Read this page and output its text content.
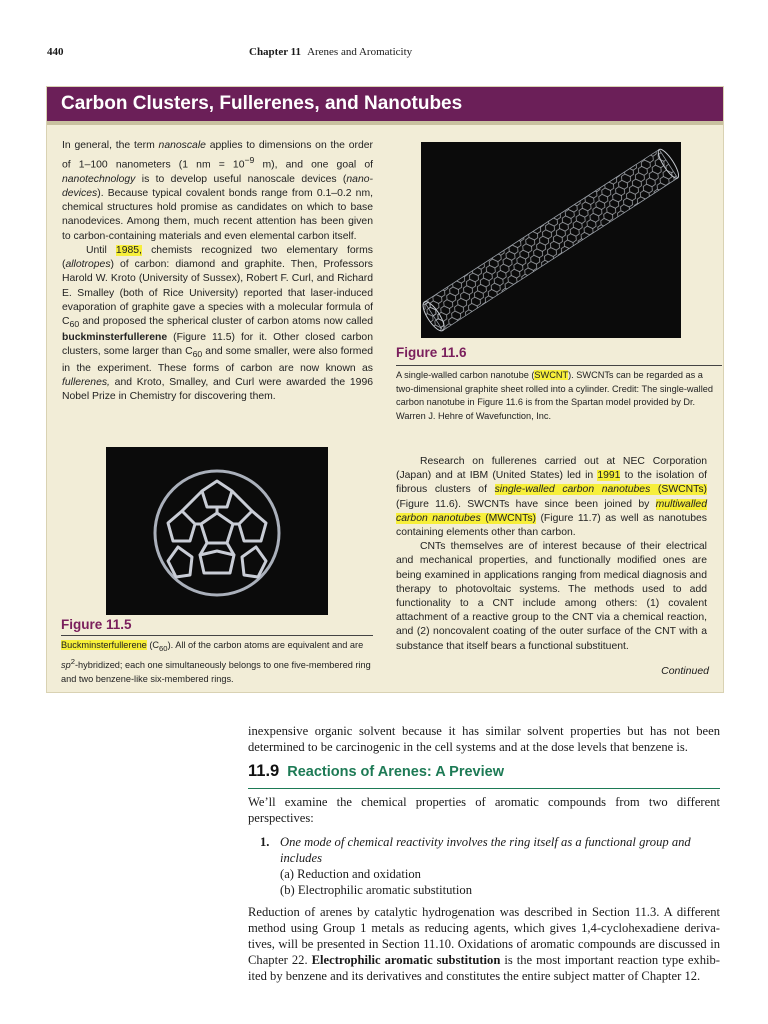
440	Chapter 11 Arenes and Aromaticity
Carbon Clusters, Fullerenes, and Nanotubes

In general, the term nanoscale applies to dimensions on the order of 1–100 nanometers (1 nm = $10^{-9}$ m), and one goal of nanotechnology is to develop useful nanoscale devices (nanodevices). Because typical covalent bonds range from 0.1–0.2 nm, chemical structures hold promise as candidates on which to base nanodevices. Among them, much recent attention has been given to carbon-containing materials and even elemental carbon itself.

Until 1985, chemists recognized two elementary forms (allotropes) of carbon: diamond and graphite. Then, Professors Harold W. Kroto (University of Sussex), Robert F. Curl, and Richard E. Smalley (both of Rice University) reported that laser-induced evaporation of graphite gave a species with a molecular formula of $C_{60}$ and proposed the spherical cluster of carbon atoms now called buckminsterfullerene (Figure 11.5) for it. Other closed carbon clusters, some larger than $C_{60}$ and some smaller, were also formed in the experiment. These forms of carbon are now known as fullerenes, and Kroto, Smalley, and Curl were awarded the 1996 Nobel Prize in Chemistry for discovering them.

Figure 11.6
A single-walled carbon nanotube (SWCNT). SWCNTs can be regarded as a two-dimensional graphite sheet rolled into a cylinder. Credit: The single-walled carbon nanotube in Figure 11.6 is from the Spartan model provided by Dr. Warren J. Hehre of Wavefunction, Inc.
Figure 11.5
Buckminsterfullerene $(C_{60})$. All of the carbon atoms are equivalent and are $sp^2$-hybridized; each one simultaneously belongs to one five-membered ring and two benzene-like six-membered rings.

Research on fullerenes carried out at NEC Corporation (Japan) and at IBM (United States) led in 1991 to the isolation of fibrous clusters of single-walled carbon nanotubes (SWCNTs) (Figure 11.6). SWCNTs have since been joined by multiwalled carbon nanotubes (MWCNTs) (Figure 11.7) as well as nanotubes containing elements other than carbon.

CNTs themselves are of interest because of their electrical and mechanical properties, and functionally modified ones are being examined in applications ranging from medical diagnosis and therapy to photovoltaic systems. The methods used to add functionality to a CNT include among others: (1) covalent attachment of a reactive group to the CNT via a chemical reaction, and (2) noncovalent coating of the outer surface of the CNT with a substance that itself bears a functional substituent.

Continued

inexpensive organic solvent because it has similar solvent properties but has not been determined to be carcinogenic in the cell systems and at the dose levels that benzene is.

11.9 Reactions of Arenes: A Preview

We’ll examine the chemical properties of aromatic compounds from two different perspectives:

1. One mode of chemical reactivity involves the ring itself as a functional group and includes
(a) Reduction and oxidation
(b) Electrophilic aromatic substitution

Reduction of arenes by catalytic hydrogenation was described in Section 11.3. A different method using Group 1 metals as reducing agents, which gives 1,4-cyclohexadiene derivatives, will be presented in Section 11.10. Oxidations of aromatic compounds are discussed in Chapter 22. Electrophilic aromatic substitution is the most important reaction type exhibited by benzene and its derivatives and constitutes the entire subject matter of Chapter 12.
